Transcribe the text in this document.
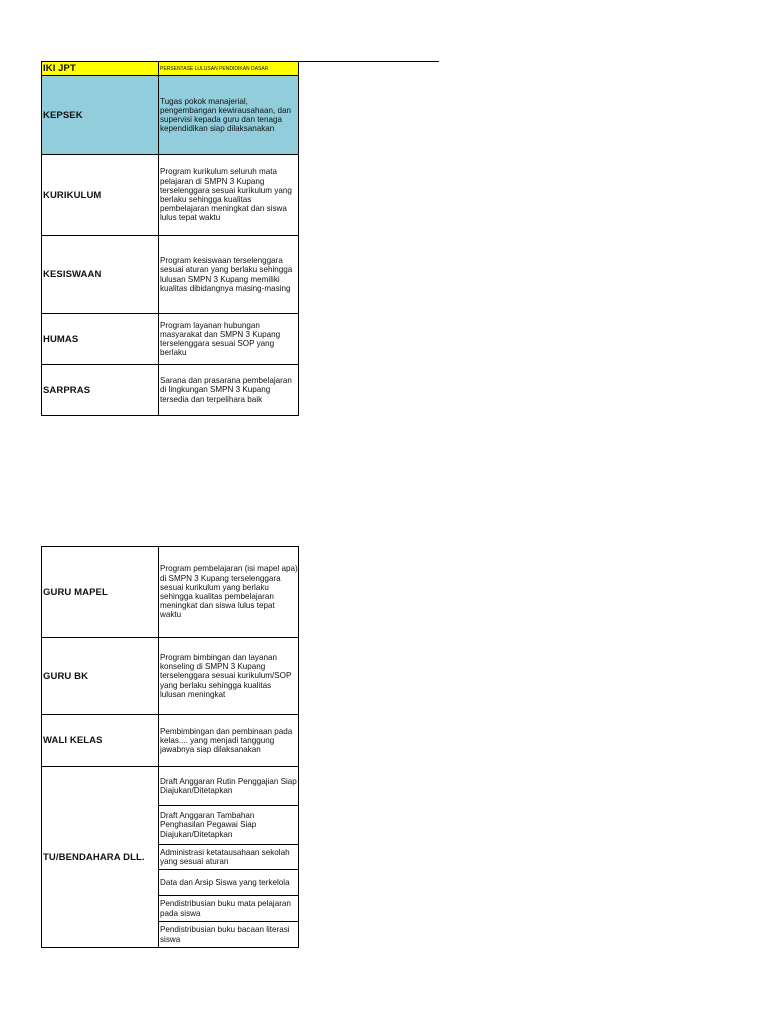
IKI JPT	PERSENTASE LULUSAN PENDIDIKAN DASAR
KEPSEK	Tugas pokok manajerial, pengembangan kewirausahaan, dan supervisi kepada guru dan tenaga kependidikan siap dilaksanakan
KURIKULUM	Program kurikulum seluruh mata pelajaran di SMPN 3 Kupang terselenggara sesuai kurikulum yang berlaku sehingga kualitas pembelajaran meningkat dan siswa lulus tepat waktu
KESISWAAN	Program kesiswaan terselenggara sesuai aturan yang berlaku sehingga lulusan SMPN 3 Kupang memiliki kualitas dibidangnya masing-masing
HUMAS	Program layanan hubungan masyarakat dan SMPN 3 Kupang terselenggara sesuai SOP yang berlaku
SARPRAS	Sarana dan prasarana pembelajaran di lingkungan SMPN 3 Kupang tersedia dan terpelihara baik
GURU MAPEL	Program pembelajaran (isi mapel apa) di SMPN 3 Kupang terselenggara sesuai kurikulum yang berlaku sehingga kualitas pembelajaran meningkat dan siswa lulus tepat waktu
GURU BK	Program bimbingan dan layanan konseling di SMPN 3 Kupang terselenggara sesuai kurikulum/SOP yang berlaku sehingga kualitas lulusan meningkat
WALI KELAS	Pembimbingan dan pembinaan pada kelas.... yang menjadi tanggung jawabnya siap dilaksanakan
TU/BENDAHARA DLL.	Draft Anggaran Rutin Penggajian Siap Diajukan/Ditetapkan
	Draft Anggaran Tambahan Penghasilan Pegawai Siap Diajukan/Ditetapkan
	Administrasi ketatausahaan sekolah yang sesuai aturan
	Data dan Arsip Siswa yang terkelola
	Pendistribusian buku mata pelajaran pada siswa
	Pendistribusian buku bacaan literasi siswa
